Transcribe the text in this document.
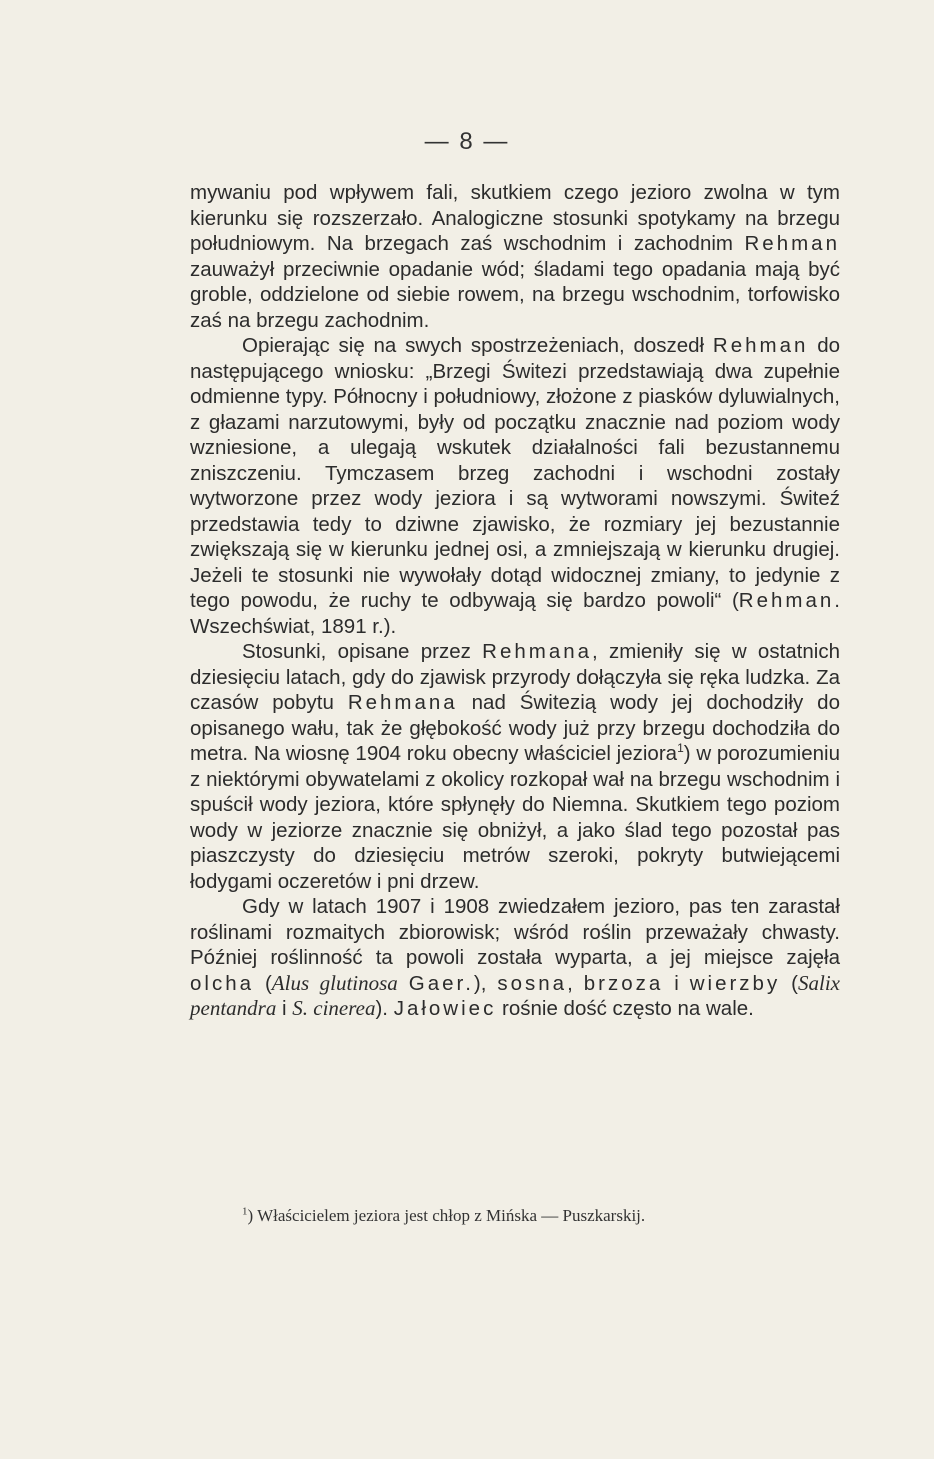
— 8 —

mywaniu pod wpływem fali, skutkiem czego jezioro zwolna w tym kierunku się rozszerzało. Analogiczne stosunki spotykamy na brzegu południowym. Na brzegach zaś wschodnim i zachodnim Rehman zauważył przeciwnie opadanie wód; śladami tego opadania mają być groble, oddzielone od siebie rowem, na brzegu wschodnim, torfowisko zaś na brzegu zachodnim.

Opierając się na swych spostrzeżeniach, doszedł Rehman do następującego wniosku: „Brzegi Świtezi przedstawiają dwa zupełnie odmienne typy. Północny i południowy, złożone z piasków dyluwialnych, z głazami narzutowymi, były od początku znacznie nad poziom wody wzniesione, a ulegają wskutek działalności fali bezustannemu zniszczeniu. Tymczasem brzeg zachodni i wschodni zostały wytworzone przez wody jeziora i są wytworami nowszymi. Świteź przedstawia tedy to dziwne zjawisko, że rozmiary jej bezustannie zwiększają się w kierunku jednej osi, a zmniejszają w kierunku drugiej. Jeżeli te stosunki nie wywołały dotąd widocznej zmiany, to jedynie z tego powodu, że ruchy te odbywają się bardzo powoli“ (Rehman. Wszechświat, 1891 r.).

Stosunki, opisane przez Rehmana, zmieniły się w ostatnich dziesięciu latach, gdy do zjawisk przyrody dołączyła się ręka ludzka. Za czasów pobytu Rehmana nad Świtezią wody jej dochodziły do opisanego wału, tak że głębokość wody już przy brzegu dochodziła do metra. Na wiosnę 1904 roku obecny właściciel jeziora$^1$) w porozumieniu z niektórymi obywatelami z okolicy rozkopał wał na brzegu wschodnim i spuścił wody jeziora, które spłynęły do Niemna. Skutkiem tego poziom wody w jeziorze znacznie się obniżył, a jako ślad tego pozostał pas piaszczysty do dziesięciu metrów szeroki, pokryty butwiejącemi łodygami oczeretów i pni drzew.

Gdy w latach 1907 i 1908 zwiedzałem jezioro, pas ten zarastał roślinami rozmaitych zbiorowisk; wśród roślin przeważały chwasty. Później roślinność ta powoli została wyparta, a jej miejsce zajęła olcha (Alus glutinosa Gaer.), sosna, brzoza i wierzby (Salix pentandra i S. cinerea). Jałowiec rośnie dość często na wale.

$^1$) Właścicielem jeziora jest chłop z Mińska — Puszkarskij.
